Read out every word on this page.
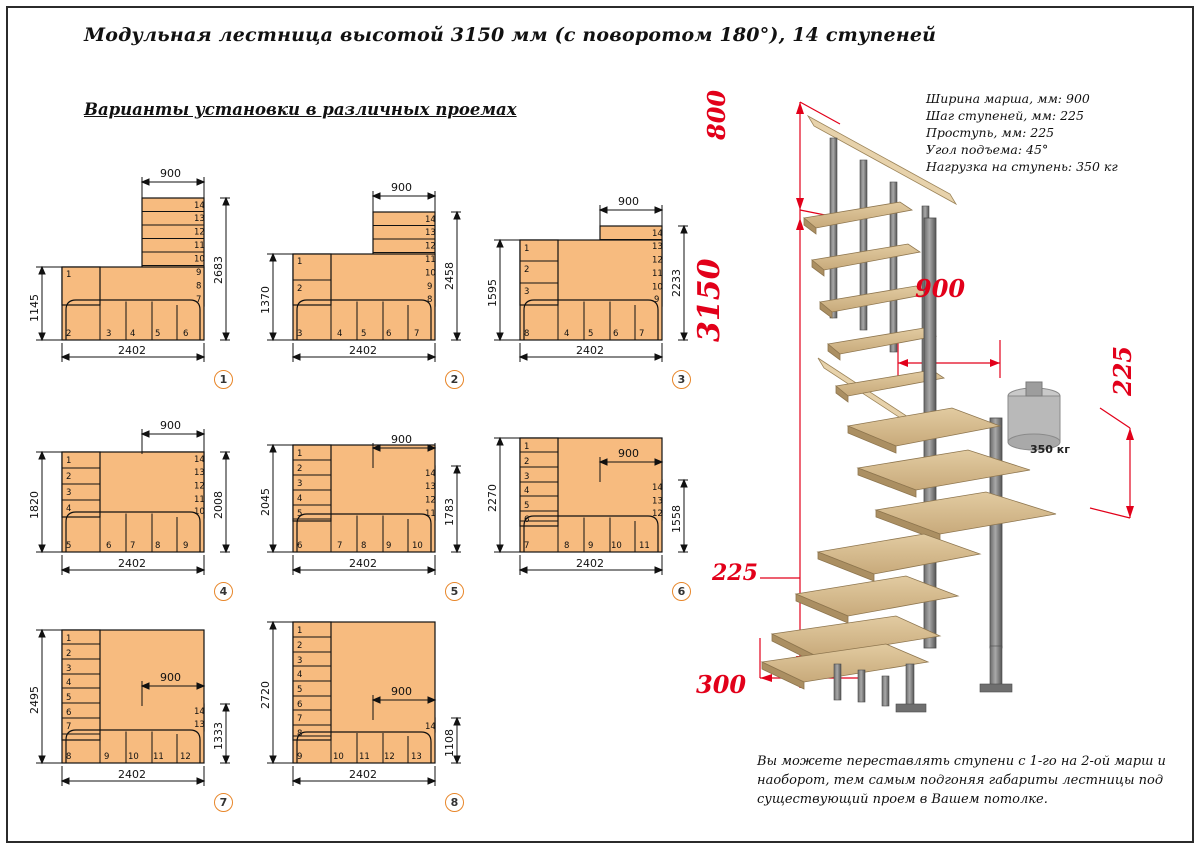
Модульная лестница высотой 3150 мм (с поворотом 180°), 14 ступеней
Варианты установки в различных проемах
Ширина марша, мм: 900
Шаг ступеней, мм: 225
Проступь, мм: 225
Угол подъема: 45°
Нагрузка на ступень: 350 кг
14
13
12
11
10
9
8
7
1
2	3 4 5	6
900
1145
2683
2402
1
14
13
12
11
10
9
8
1
2
3	4 5 6	7
900
1370
2458
2402
2
14
13
12
11
10
9
1
2
3
4 5 6 7
8
900
1595	2233
2402
3
14
13
12
11
10
1
2
3
4
5	6 7 8	9
900
1820	2008
2402
4
14
13
12
11
1
2
3
4
5
6	7 8 9 10
900
2045	1783
2402
5
14
13
12
1
2
3
4
5
6
7	8 9 10 11
900
2270
1558
2402
6
14
13
1
2
3
4
5
6
7
8	9 10 11 12
900
2495
1333
2402
7
14
1
2
3
4
5
6
7
8
9	10 11 12 13
900
2720
1108
2402
8
800
900
3150
225
225
300
350 кг
Вы можете переставлять ступени с 1-го на 2-ой марш и наоборот, тем самым подгоняя габариты лестницы под существующий проем в Вашем потолке.
